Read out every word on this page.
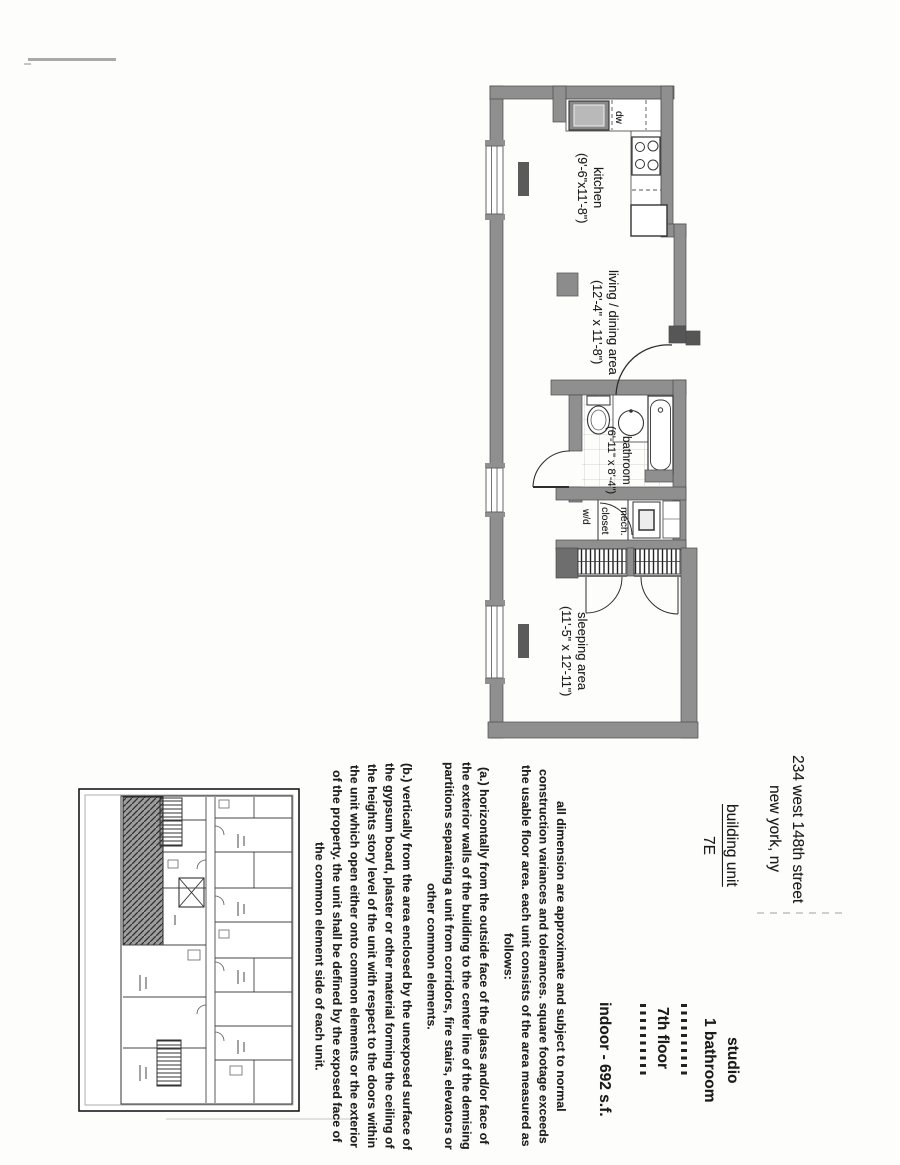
kitchen
(9'-6"x11'-8")
dw
living / dining area
(12'-4" x 11'-8")
bathroom
(6'-11" x 8'-4")
w/d closet mech.
sleeping area
(11'-5" x 12'-11")
234 west 148th street
new york, ny
building unit
7E
studio
1 bathroom
7th floor
indoor - 692 s.f.
all dimension are approximate and subject to normal
construction variances and tolerances. square footage exceeds
the usable floor area. each unit consists of the area measured as
follows:
(a.) horizontally from the outside face of the glass and/or face of
the exterior walls of the building to the center line of the demising
partitions separating a unit from corridors, fire stairs, elevators or
other common elements.
(b.) vertically from the area enclosed by the unexposed surface of
the gypsum board, plaster or other material forming the ceiling of
the heights story level of the unit with respect to the doors within
the unit which open either onto common elements or the exterior
of the property. the unit shall be defined by the exposed face of
the common element side of each unit.
